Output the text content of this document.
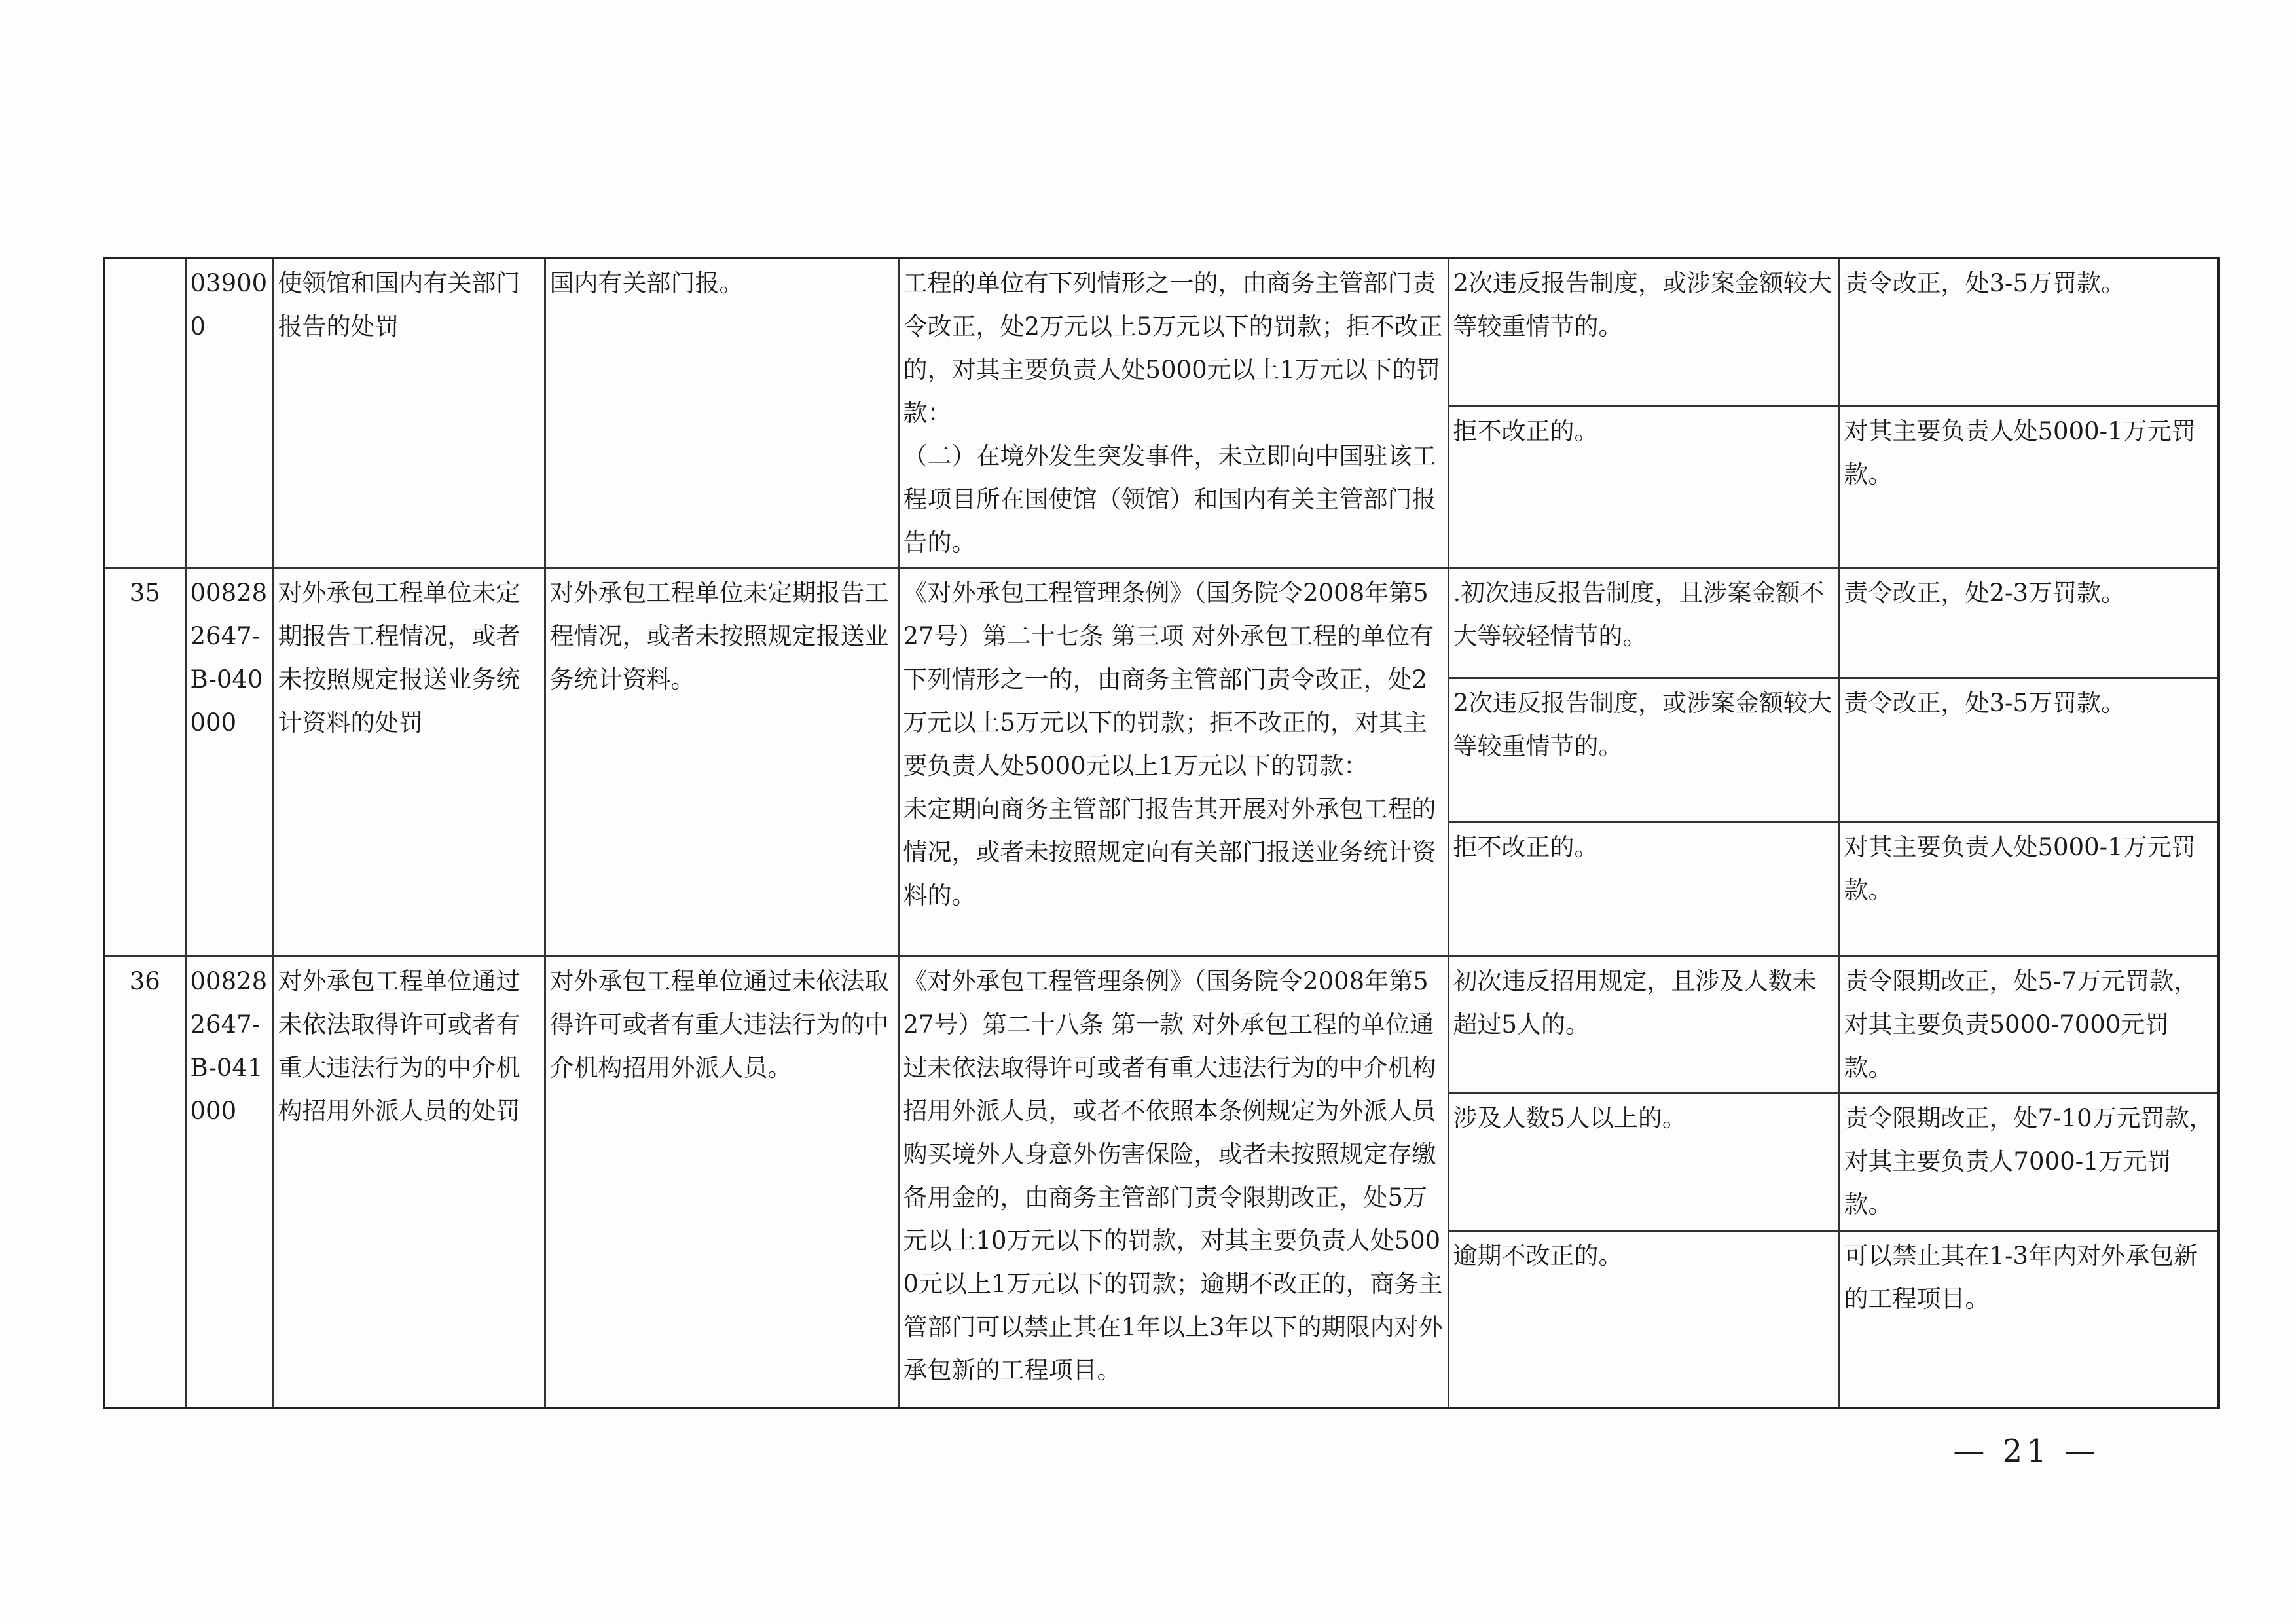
	039000	使领馆和国内有关部门报告的处罚	国内有关部门报。	工程的单位有下列情形之一的，由商务主管部门责令改正，处2万元以上5万元以下的罚款；拒不改正的，对其主要负责人处5000元以上1万元以下的罚款：
（二）在境外发生突发事件，未立即向中国驻该工程项目所在国使馆（领馆）和国内有关主管部门报告的。	2次违反报告制度，或涉案金额较大等较重情节的。	责令改正，处3-5万罚款。
					拒不改正的。	对其主要负责人处5000-1万元罚款。
35	008282647-B-040000	对外承包工程单位未定期报告工程情况，或者未按照规定报送业务统计资料的处罚	对外承包工程单位未定期报告工程情况，或者未按照规定报送业务统计资料。	《对外承包工程管理条例》（国务院令2008年第527号）第二十七条 第三项 对外承包工程的单位有下列情形之一的，由商务主管部门责令改正，处2万元以上5万元以下的罚款；拒不改正的，对其主要负责人处5000元以上1万元以下的罚款：
未定期向商务主管部门报告其开展对外承包工程的情况，或者未按照规定向有关部门报送业务统计资料的。	.初次违反报告制度，且涉案金额不大等较轻情节的。	责令改正，处2-3万罚款。
					2次违反报告制度，或涉案金额较大等较重情节的。	责令改正，处3-5万罚款。
					拒不改正的。	对其主要负责人处5000-1万元罚款。
36	008282647-B-041000	对外承包工程单位通过未依法取得许可或者有重大违法行为的中介机构招用外派人员的处罚	对外承包工程单位通过未依法取得许可或者有重大违法行为的中介机构招用外派人员。	《对外承包工程管理条例》（国务院令2008年第527号）第二十八条 第一款 对外承包工程的单位通过未依法取得许可或者有重大违法行为的中介机构招用外派人员，或者不依照本条例规定为外派人员购买境外人身意外伤害保险，或者未按照规定存缴备用金的，由商务主管部门责令限期改正，处5万元以上10万元以下的罚款，对其主要负责人处5000元以上1万元以下的罚款；逾期不改正的，商务主管部门可以禁止其在1年以上3年以下的期限内对外承包新的工程项目。	初次违反招用规定，且涉及人数未超过5人的。	责令限期改正，处5-7万元罚款，对其主要负责5000-7000元罚款。
					涉及人数5人以上的。	责令限期改正，处7-10万元罚款，对其主要负责人7000-1万元罚款。
					逾期不改正的。	可以禁止其在1-3年内对外承包新的工程项目。
— 21 —
